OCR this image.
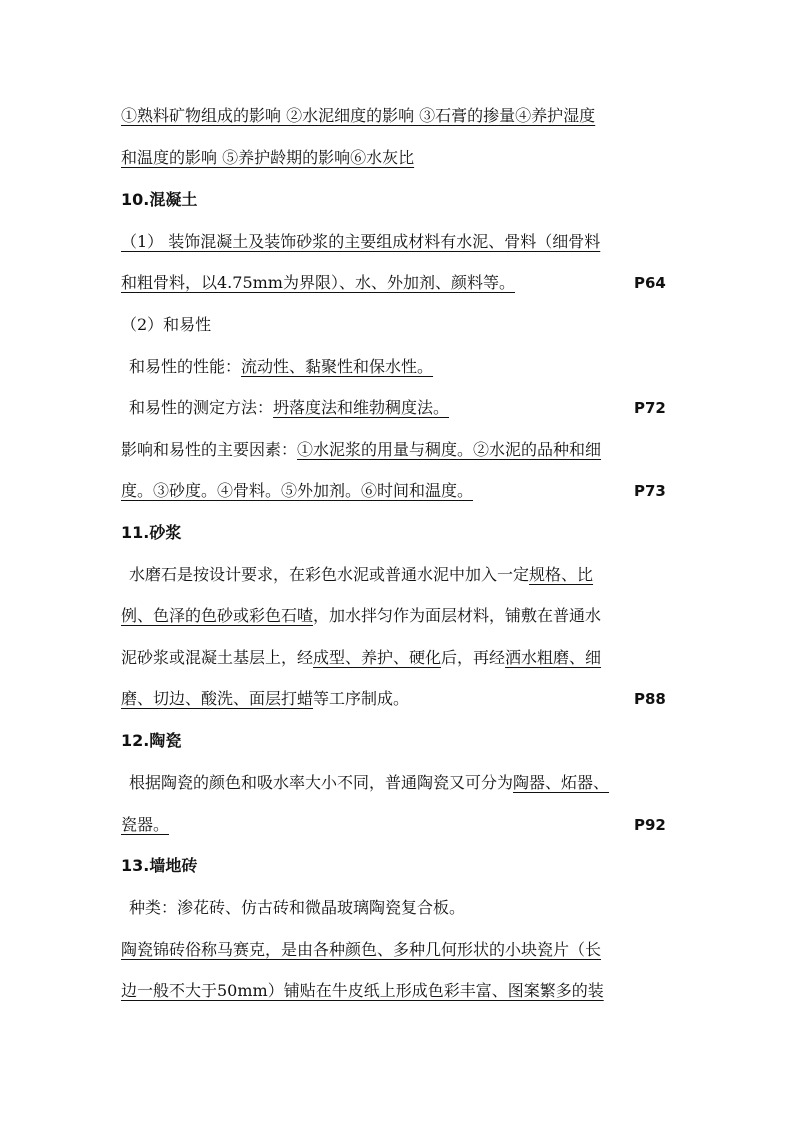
①熟料矿物组成的影响 ②水泥细度的影响 ③石膏的掺量④养护湿度
和温度的影响 ⑤养护龄期的影响⑥水灰比
10.混凝土
（1） 装饰混凝土及装饰砂浆的主要组成材料有水泥、骨料（细骨料
和粗骨料，以4.75mm为界限）、水、外加剂、颜料等。	P64
（2）和易性
和易性的性能：流动性、黏聚性和保水性。
和易性的测定方法：坍落度法和维勃稠度法。	P72
影响和易性的主要因素：①水泥浆的用量与稠度。②水泥的品种和细
度。③砂度。④骨料。⑤外加剂。⑥时间和温度。	P73
11.砂浆
水磨石是按设计要求，在彩色水泥或普通水泥中加入一定规格、比
例、色泽的色砂或彩色石喳，加水拌匀作为面层材料，铺敷在普通水
泥砂浆或混凝土基层上，经成型、养护、硬化后，再经洒水粗磨、细
磨、切边、酸洗、面层打蜡等工序制成。	P88
12.陶瓷
根据陶瓷的颜色和吸水率大小不同，普通陶瓷又可分为陶器、炻器、
瓷器。	P92
13.墙地砖
种类：渗花砖、仿古砖和微晶玻璃陶瓷复合板。
陶瓷锦砖俗称马赛克，是由各种颜色、多种几何形状的小块瓷片（长
边一般不大于50mm）铺贴在牛皮纸上形成色彩丰富、图案繁多的装
